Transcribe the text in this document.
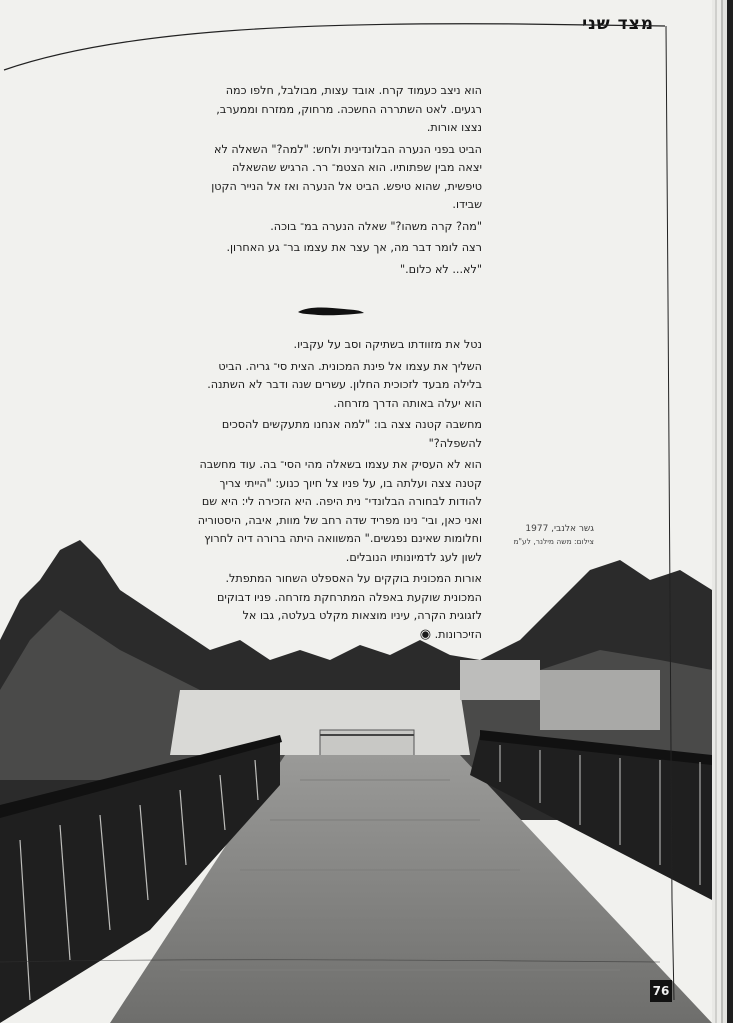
מצד שני

הוא ניצב כעמוד קרח. אובד עצות, מבולבל, חלפו כמה רגעים. לאט השתררה החשכה. מרחוק, ממזרח וממערב, נצצו אורות.

הביט בפני הנערה הבלונדינית ולחש: "למה?" השאלה לא יצאה מבין שפתותיו. הוא הצטמ־ רר. הרגיש שהשאלה טיפשית, שהוא טיפש. הביט אל הנערה ואז אל הנייר הקטן שבידו.

"מה? קרה משהו?" שאלה הנערה במ־ בוכה.

רצה לומר דבר מה, אך עצר את עצמו בר־ גע האחרון.

"לא... לא כלום."

נטל את מזוודתו בשתיקה וסב על עקביו.

השליך את עצמו אל פינת המכונית. הצית סי־ גריה. הביט בלילה מבעד לזכוכית החלון. עשרים שנה ודבר לא השתנה. הוא יעלה באותה הדרך מזרחה.

מחשבה קטנה צצה בו: "למה אנחנו מתעקשים להסכים להשפלה?"

הוא לא העסיק את עצמו בשאלה מהי הסי־ בה. עוד מחשבה קטנה צצה ועלתה בו, על פניו צל חיוך כנוע: "הייתי צריך להודות לבחורה הבלונדי־ נית היפה. היא הזכירה לי: היא שם ואני כאן, ובי־ נינו מפריד שדה רחב של מוות, איבה, היסטוריה וחלומות שאינם נפגשים." המשוואה היתה ברורה דיה לחרוץ לשון לעג לדמיונותיו הנובלים.

אורות המכונית בוקקים על האספלט השחור המתפתל. המכונית שוקעת באפלה המתרחקת מזרחה. פניו דבוקים לזגוגית הקרה, עיניו מוצאות מקלט בעלטה, גבו אל הזיכרונות. ◉

גשר אלנבי, 1977
צילום: משה מילנר, לע"מ
76
